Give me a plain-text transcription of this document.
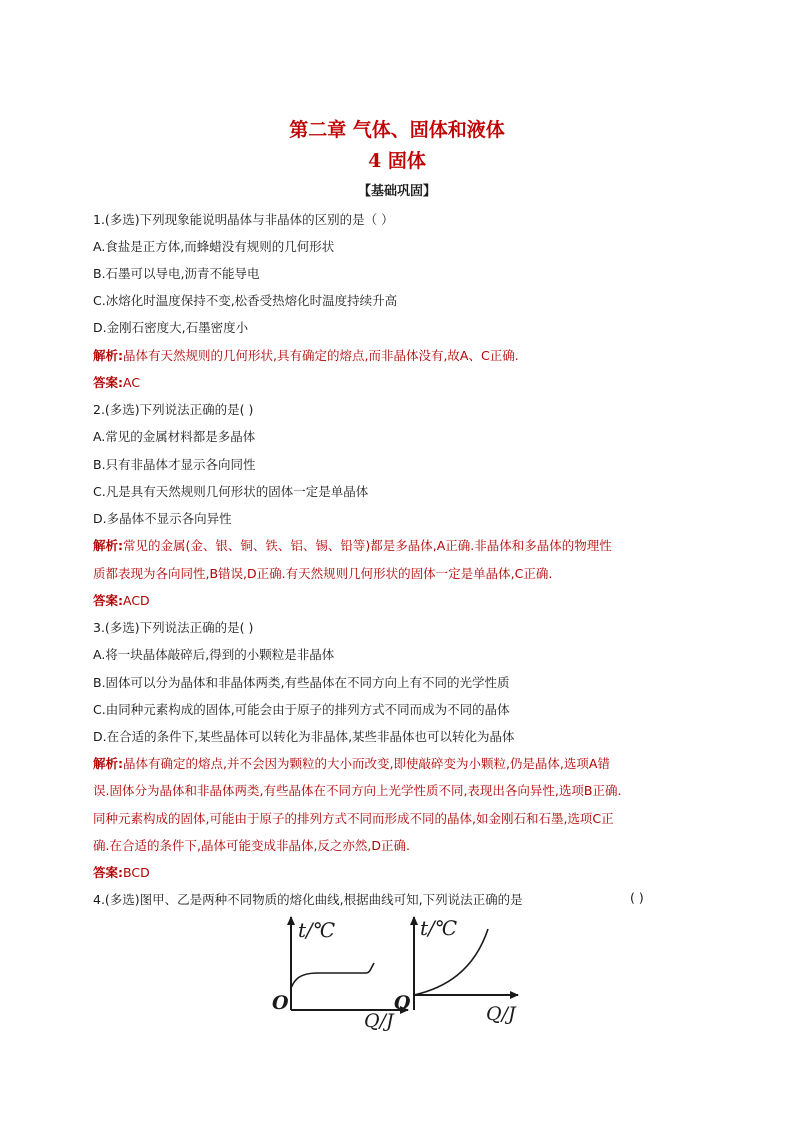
第二章 气体、固体和液体
4 固体
【基础巩固】
1.(多选)下列现象能说明晶体与非晶体的区别的是（ ）
A.食盐是正方体,而蜂蜡没有规则的几何形状
B.石墨可以导电,沥青不能导电
C.冰熔化时温度保持不变,松香受热熔化时温度持续升高
D.金刚石密度大,石墨密度小
解析:晶体有天然规则的几何形状,具有确定的熔点,而非晶体没有,故A、C正确.
答案:AC
2.(多选)下列说法正确的是( )
A.常见的金属材料都是多晶体
B.只有非晶体才显示各向同性
C.凡是具有天然规则几何形状的固体一定是单晶体
D.多晶体不显示各向异性
解析:常见的金属(金、银、铜、铁、铝、锡、铅等)都是多晶体,A正确.非晶体和多晶体的物理性
质都表现为各向同性,B错误,D正确.有天然规则几何形状的固体一定是单晶体,C正确.
答案:ACD
3.(多选)下列说法正确的是( )
A.将一块晶体敲碎后,得到的小颗粒是非晶体
B.固体可以分为晶体和非晶体两类,有些晶体在不同方向上有不同的光学性质
C.由同种元素构成的固体,可能会由于原子的排列方式不同而成为不同的晶体
D.在合适的条件下,某些晶体可以转化为非晶体,某些非晶体也可以转化为晶体
解析:晶体有确定的熔点,并不会因为颗粒的大小而改变,即使敲碎变为小颗粒,仍是晶体,选项A错
误.固体分为晶体和非晶体两类,有些晶体在不同方向上光学性质不同,表现出各向异性,选项B正确.
同种元素构成的固体,可能由于原子的排列方式不同而形成不同的晶体,如金刚石和石墨,选项C正
确.在合适的条件下,晶体可能变成非晶体,反之亦然,D正确.
答案:BCD
4.(多选)图甲、乙是两种不同物质的熔化曲线,根据曲线可知,下列说法正确的是	( )
t/℃
O
Q/J
t/℃
O	Q/J
